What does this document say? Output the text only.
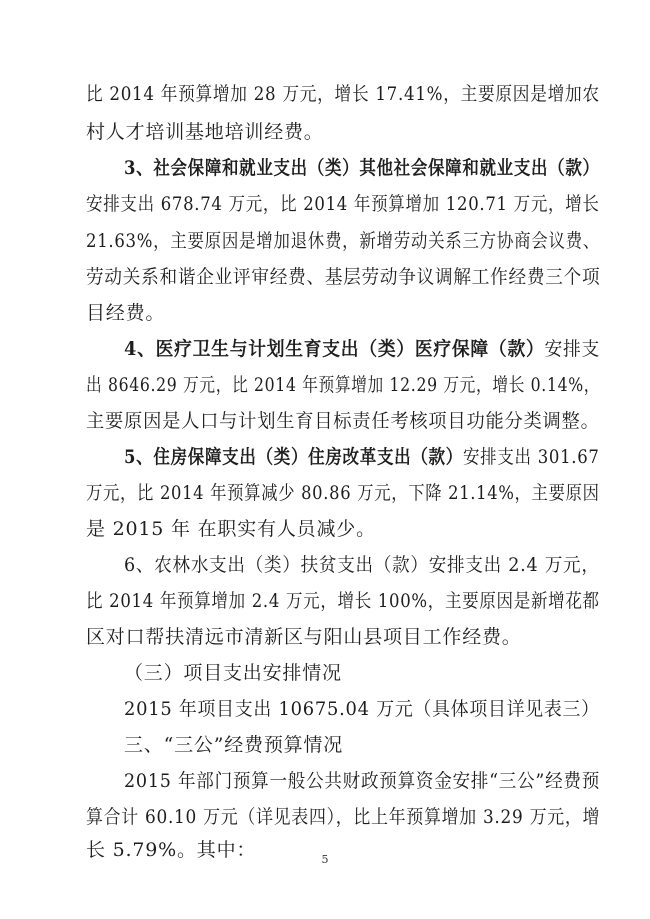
比 2014 年预算增加 28 万元，增长 17.41%，主要原因是增加农
村人才培训基地培训经费。
3、社会保障和就业支出（类）其他社会保障和就业支出（款）
安排支出 678.74 万元，比 2014 年预算增加 120.71 万元，增长
21.63%，主要原因是增加退休费，新增劳动关系三方协商会议费、
劳动关系和谐企业评审经费、基层劳动争议调解工作经费三个项
目经费。
4、医疗卫生与计划生育支出（类）医疗保障（款）安排支
出 8646.29 万元，比 2014 年预算增加 12.29 万元，增长 0.14%，
主要原因是人口与计划生育目标责任考核项目功能分类调整。
5、住房保障支出（类）住房改革支出（款）安排支出 301.67
万元，比 2014 年预算减少 80.86 万元，下降 21.14%，主要原因
是 2015 年 在职实有人员减少。
6、农林水支出（类）扶贫支出（款）安排支出 2.4 万元，
比 2014 年预算增加 2.4 万元，增长 100%，主要原因是新增花都
区对口帮扶清远市清新区与阳山县项目工作经费。
（三）项目支出安排情况
2015 年项目支出 10675.04 万元（具体项目详见表三）
三、“三公”经费预算情况
2015 年部门预算一般公共财政预算资金安排“三公”经费预
算合计 60.10 万元（详见表四），比上年预算增加 3.29 万元，增
长 5.79%。其中：	5
